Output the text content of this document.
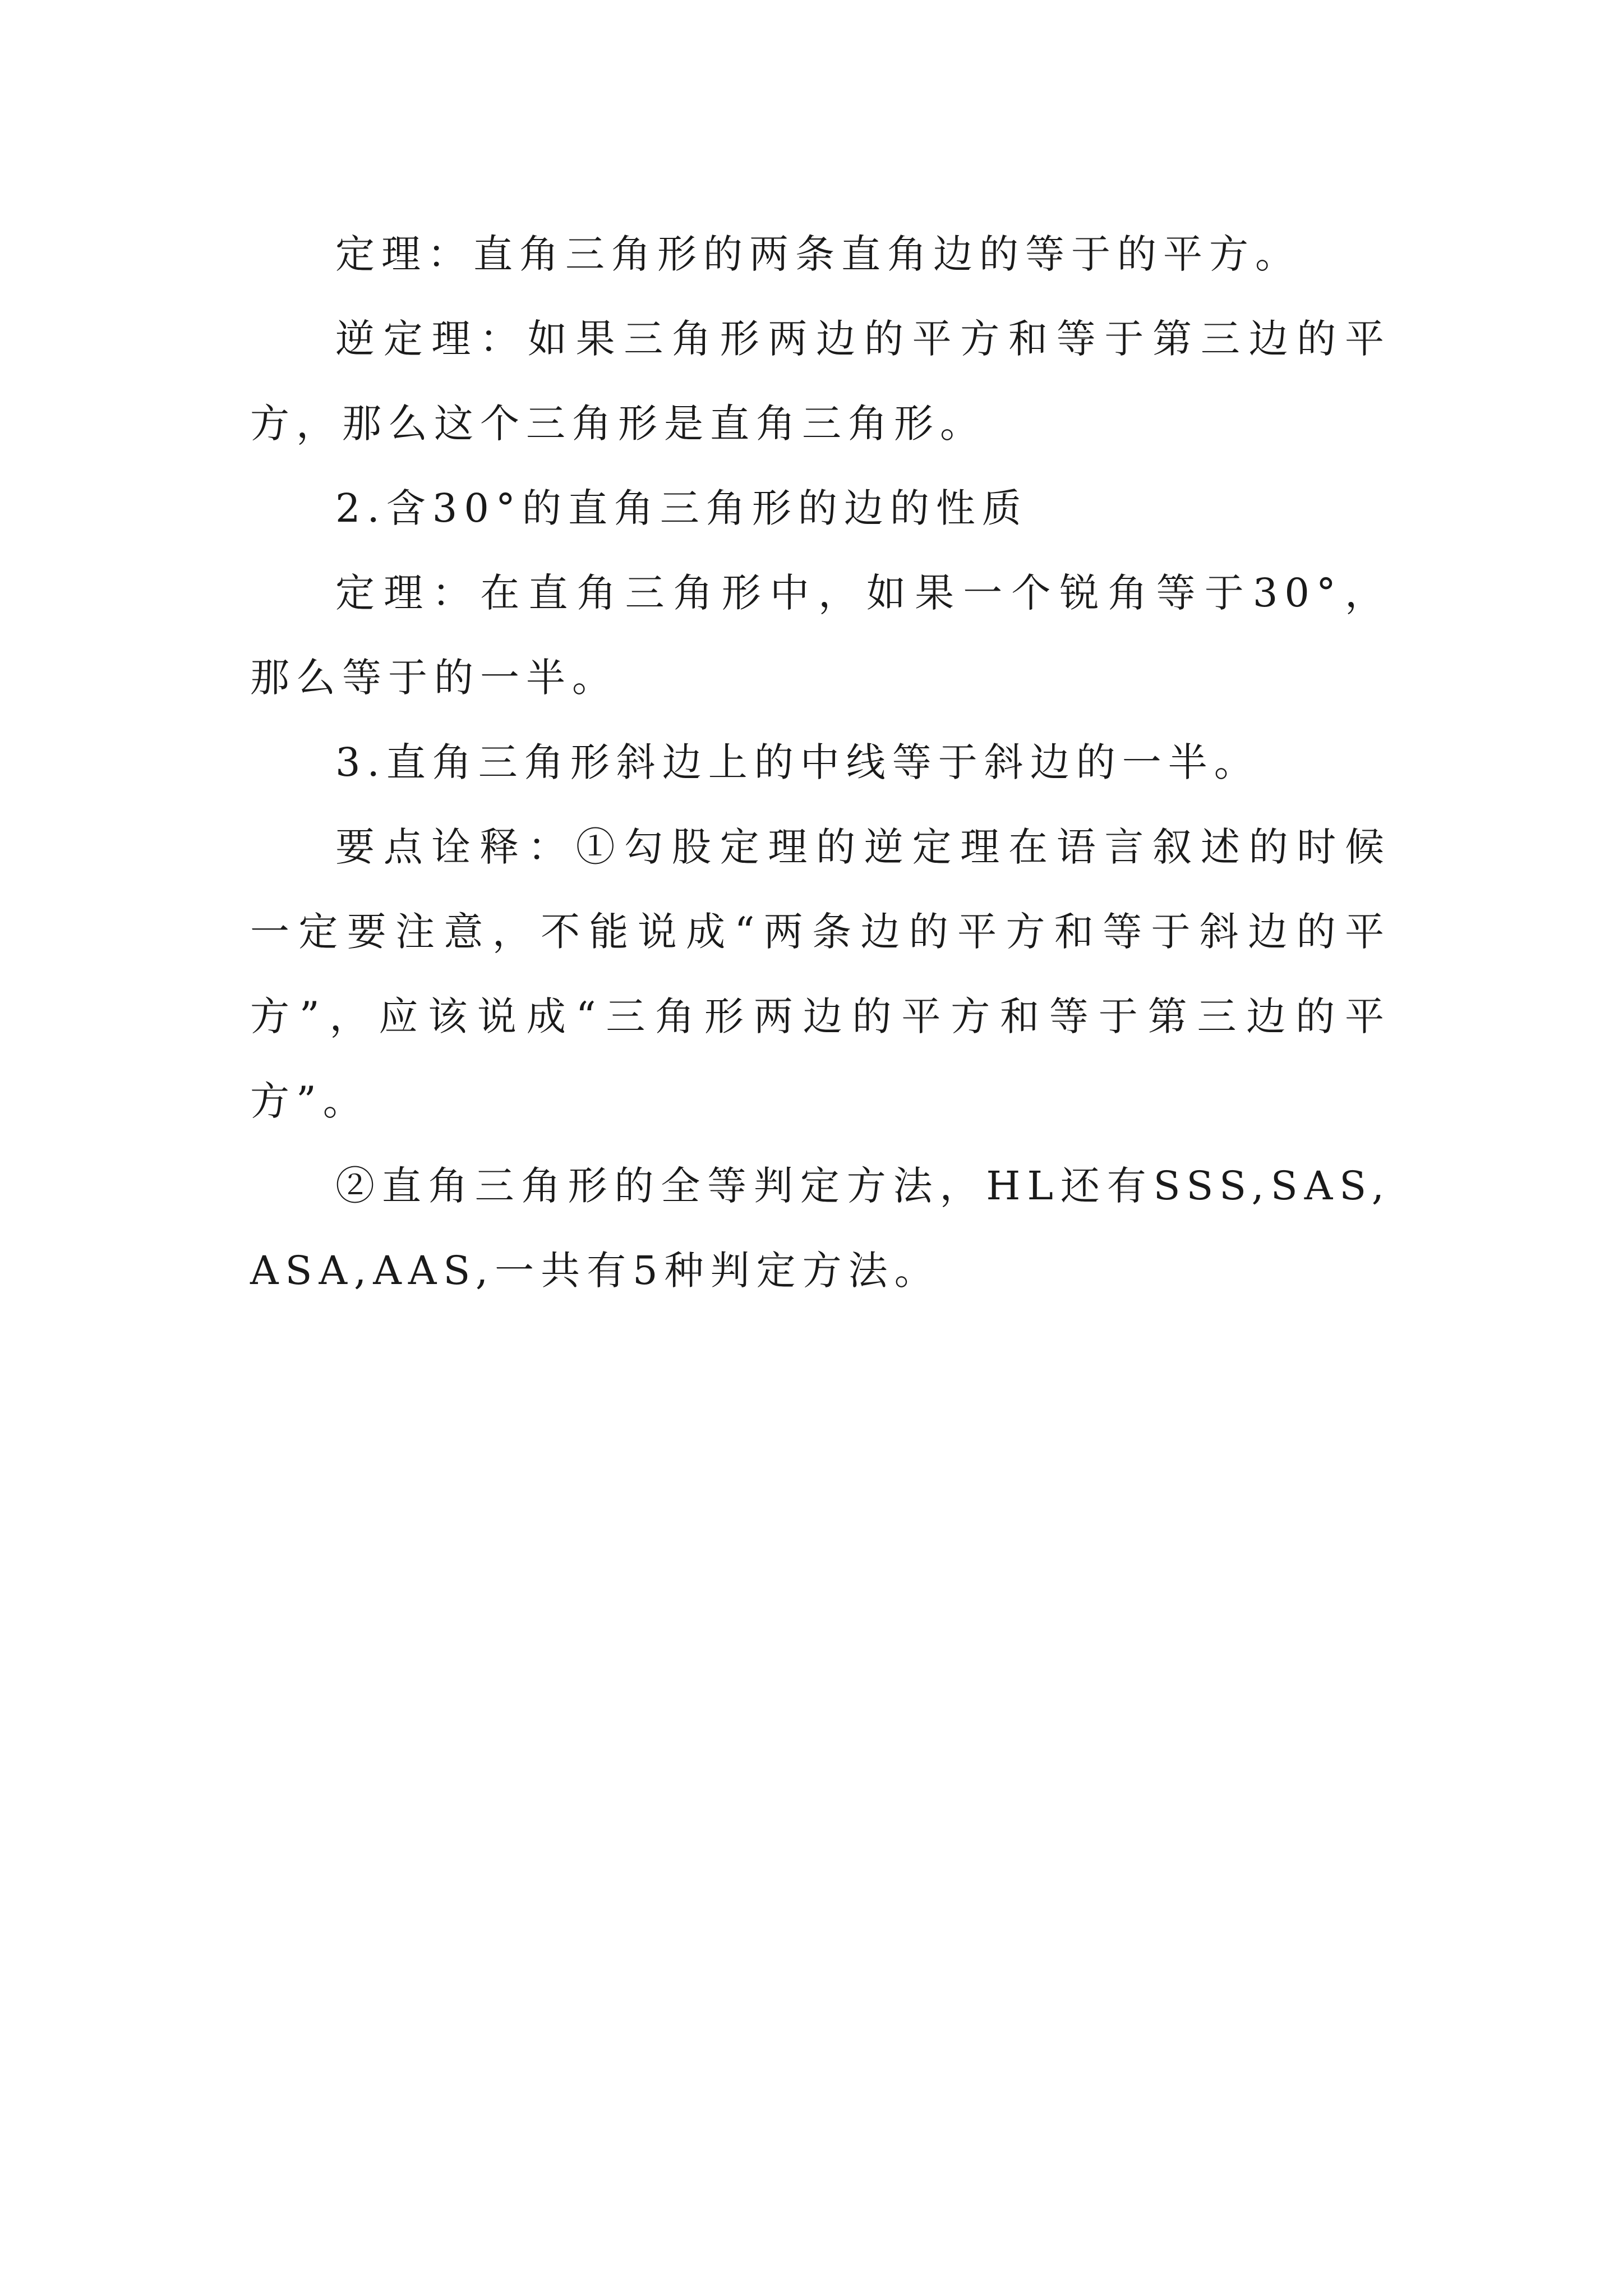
定理：直角三角形的两条直角边的等于的平方。

逆定理：如果三角形两边的平方和等于第三边的平方，那么这个三角形是直角三角形。

2.含30°的直角三角形的边的性质

定理：在直角三角形中，如果一个锐角等于30°，那么等于的一半。

3.直角三角形斜边上的中线等于斜边的一半。

要点诠释：①勾股定理的逆定理在语言叙述的时候一定要注意，不能说成“两条边的平方和等于斜边的平方”，应该说成“三角形两边的平方和等于第三边的平方”。

②直角三角形的全等判定方法，HL还有SSS,SAS,ASA,AAS,一共有5种判定方法。
